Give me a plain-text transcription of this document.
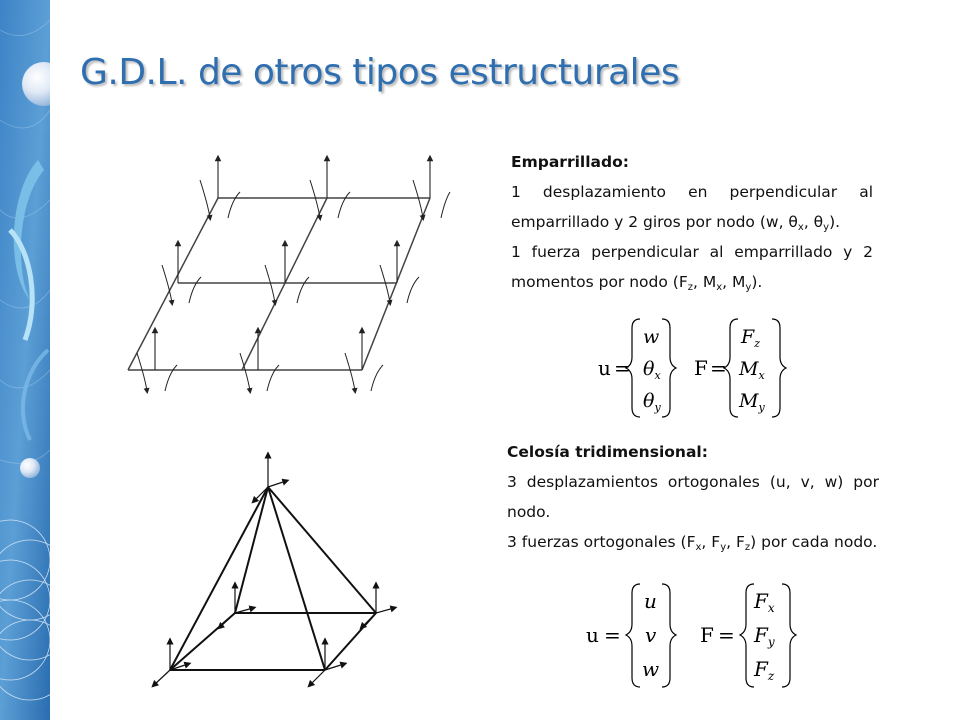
G.D.L. de otros tipos estructurales

Emparrillado:

1 desplazamiento en perpendicular al emparrillado y 2 giros por nodo (w, $\theta_x$, $\theta_y$).

1 fuerza perpendicular al emparrillado y 2 momentos por nodo ($F_z$, $M_x$, $M_y$).

u =
w
$\theta_x$
$\theta_y$
F =
$F_z$
$M_x$
$M_y$

Celosía tridimensional:

3 desplazamientos ortogonales (u, v, w) por nodo.

3 fuerzas ortogonales ($F_x$, $F_y$, $F_z$) por cada nodo.

u =
u
v
w
F =
$F_x$
$F_y$
$F_z$
